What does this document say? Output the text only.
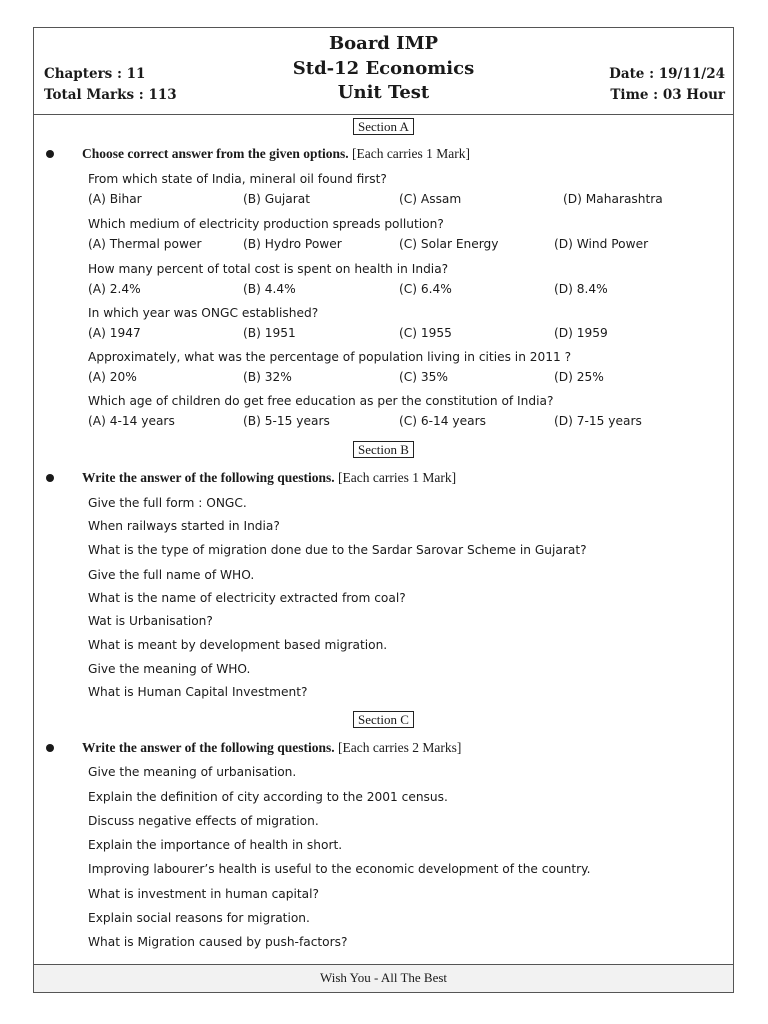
Board IMP
Std-12 Economics
Unit Test
Chapters : 11
Total Marks : 113
Date : 19/11/24
Time : 03 Hour
Section A
Choose correct answer from the given options. [Each carries 1 Mark]
From which state of India, mineral oil found first?
(A) Bihar	(B) Gujarat	(C) Assam	(D) Maharashtra
Which medium of electricity production spreads pollution?
(A) Thermal power	(B) Hydro Power	(C) Solar Energy	(D) Wind Power
How many percent of total cost is spent on health in India?
(A) 2.4%	(B) 4.4%	(C) 6.4%	(D) 8.4%
In which year was ONGC established?
(A) 1947	(B) 1951	(C) 1955	(D) 1959
Approximately, what was the percentage of population living in cities in 2011 ?
(A) 20%	(B) 32%	(C) 35%	(D) 25%
Which age of children do get free education as per the constitution of India?
(A) 4-14 years	(B) 5-15 years	(C) 6-14 years	(D) 7-15 years
Section B
Write the answer of the following questions. [Each carries 1 Mark]
Give the full form : ONGC.
When railways started in India?
What is the type of migration done due to the Sardar Sarovar Scheme in Gujarat?
Give the full name of WHO.
What is the name of electricity extracted from coal?
Wat is Urbanisation?
What is meant by development based migration.
Give the meaning of WHO.
What is Human Capital Investment?
Section C
Write the answer of the following questions. [Each carries 2 Marks]
Give the meaning of urbanisation.
Explain the definition of city according to the 2001 census.
Discuss negative effects of migration.
Explain the importance of health in short.
Improving labourer’s health is useful to the economic development of the country.
What is investment in human capital?
Explain social reasons for migration.
What is Migration caused by push-factors?
Wish You - All The Best
